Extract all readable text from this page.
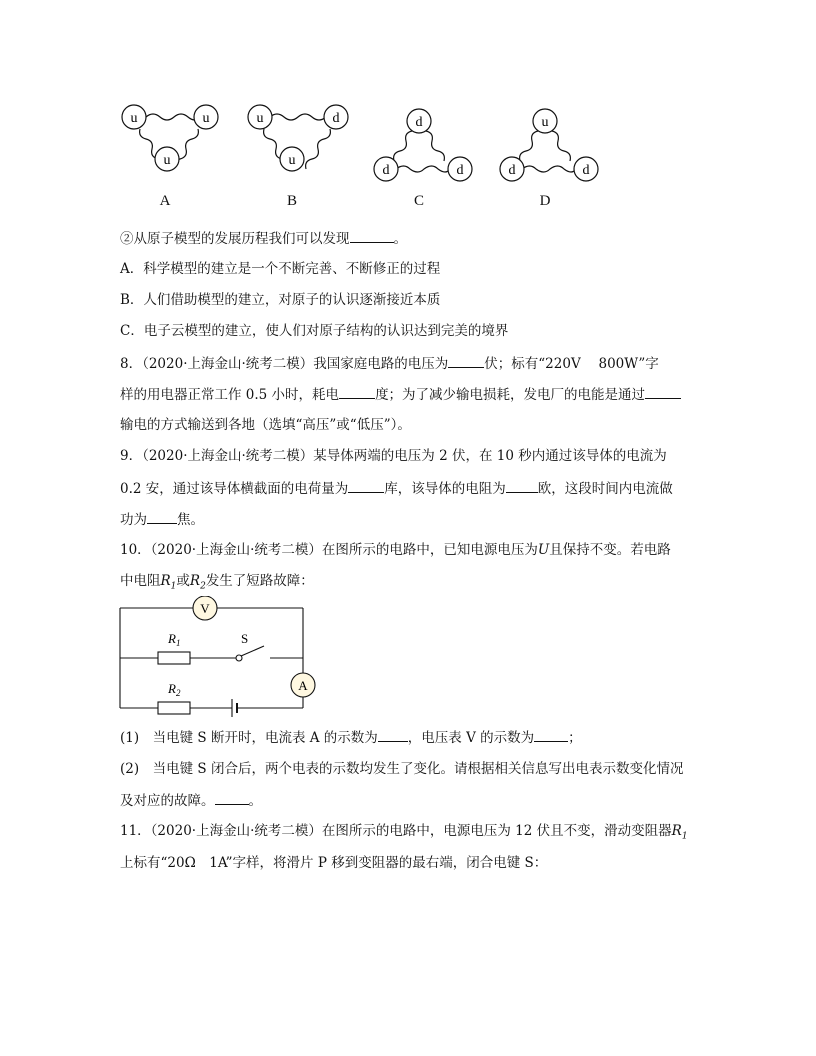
u	u
u
u	d
u
d
d	d
u
d	d
A	B	C	D
②从原子模型的发展历程我们可以发现	。
A．科学模型的建立是一个不断完善、不断修正的过程
B．人们借助模型的建立，对原子的认识逐渐接近本质
C．电子云模型的建立，使人们对原子结构的认识达到完美的境界
8．（2020·上海金山·统考二模）我国家庭电路的电压为	伏；标有“220V　 800W”字
样的用电器正常工作 0.5 小时，耗电	度；为了减少输电损耗，发电厂的电能是通过
输电的方式输送到各地（选填“高压”或“低压”）。
9．（2020·上海金山·统考二模）某导体两端的电压为 2 伏，在 10 秒内通过该导体的电流为
0.2 安，通过该导体横截面的电荷量为	库，该导体的电阻为 欧，这段时间内电流做
功为 焦。
10．（2020·上海金山·统考二模）在图所示的电路中，已知电源电压为U且保持不变。若电路
中电阻$R_1$或$R_2$发生了短路故障：
V
A
$R_1$
$R_2$
S
(1)　当电键 S 断开时，电流表 A 的示数为 ，电压表 V 的示数为	；
(2)　当电键 S 闭合后，两个电表的示数均发生了变化。请根据相关信息写出电表示数变化情况
及对应的故障。	。
11．（2020·上海金山·统考二模）在图所示的电路中，电源电压为 12 伏且不变，滑动变阻器$R_1$
上标有“20Ω　1A”字样，将滑片 P 移到变阻器的最右端，闭合电键 S：
